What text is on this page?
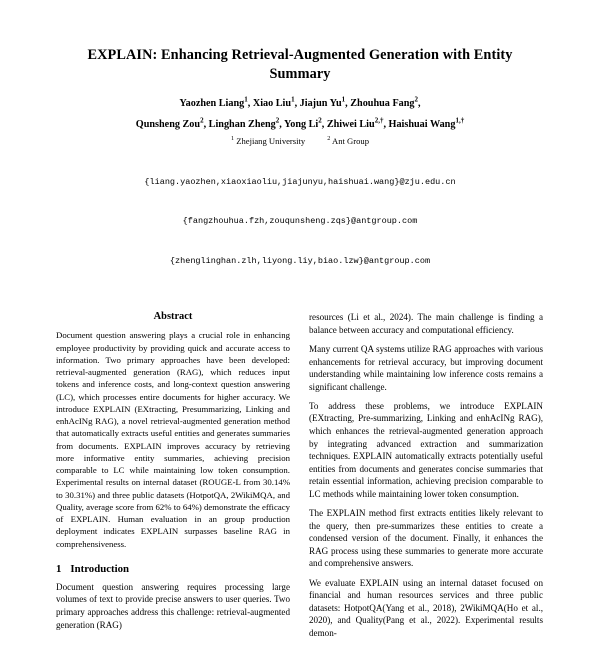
EXPLAIN: Enhancing Retrieval-Augmented Generation with Entity Summary
Yaozhen Liang$^1$, Xiao Liu$^1$, Jiajun Yu$^1$, Zhouhua Fang$^2$,
Qunsheng Zou$^2$, Linghan Zheng$^2$, Yong Li$^2$, Zhiwei Liu$^{2,\dagger}$, Haishuai Wang$^{1,\dagger}$
$^1$ Zhejiang University	$^2$ Ant Group

{liang.yaozhen,xiaoxiaoliu,jiajunyu,haishuai.wang}@zju.edu.cn

{fangzhouhua.fzh,zouqunsheng.zqs}@antgroup.com

{zhenglinghan.zlh,liyong.liy,biao.lzw}@antgroup.com

Abstract

Document question answering plays a crucial role in enhancing employee productivity by providing quick and accurate access to information. Two primary approaches have been developed: retrieval-augmented generation (RAG), which reduces input tokens and inference costs, and long-context question answering (LC), which processes entire documents for higher accuracy. We introduce EXPLAIN (EXtracting, Presummarizing, Linking and enhAcINg RAG), a novel retrieval-augmented generation method that automatically extracts useful entities and generates summaries from documents. EXPLAIN improves accuracy by retrieving more informative entity summaries, achieving precision comparable to LC while maintaining low token consumption. Experimental results on internal dataset (ROUGE-L from 30.14% to 30.31%) and three public datasets (HotpotQA, 2WikiMQA, and Quality, average score from 62% to 64%) demonstrate the efficacy of EXPLAIN. Human evaluation in an group production deployment indicates EXPLAIN surpasses baseline RAG in comprehensiveness.

1 Introduction

Document question answering requires processing large volumes of text to provide precise answers to user queries. Two primary approaches address this challenge: retrieval-augmented generation (RAG)

resources (Li et al., 2024). The main challenge is finding a balance between accuracy and computational efficiency.

Many current QA systems utilize RAG approaches with various enhancements for retrieval accuracy, but improving document understanding while maintaining low inference costs remains a significant challenge.

To address these problems, we introduce EXPLAIN (EXtracting, Pre-summarizing, Linking and enhAcINg RAG), which enhances the retrieval-augmented generation approach by integrating advanced extraction and summarization techniques. EXPLAIN automatically extracts potentially useful entities from documents and generates concise summaries that retain essential information, achieving precision comparable to LC methods while maintaining lower token consumption.

The EXPLAIN method first extracts entities likely relevant to the query, then pre-summarizes these entities to create a condensed version of the document. Finally, it enhances the RAG process using these summaries to generate more accurate and comprehensive answers.

We evaluate EXPLAIN using an internal dataset focused on financial and human resources services and three public datasets: HotpotQA(Yang et al., 2018), 2WikiMQA(Ho et al., 2020), and Quality(Pang et al., 2022). Experimental results demon-
